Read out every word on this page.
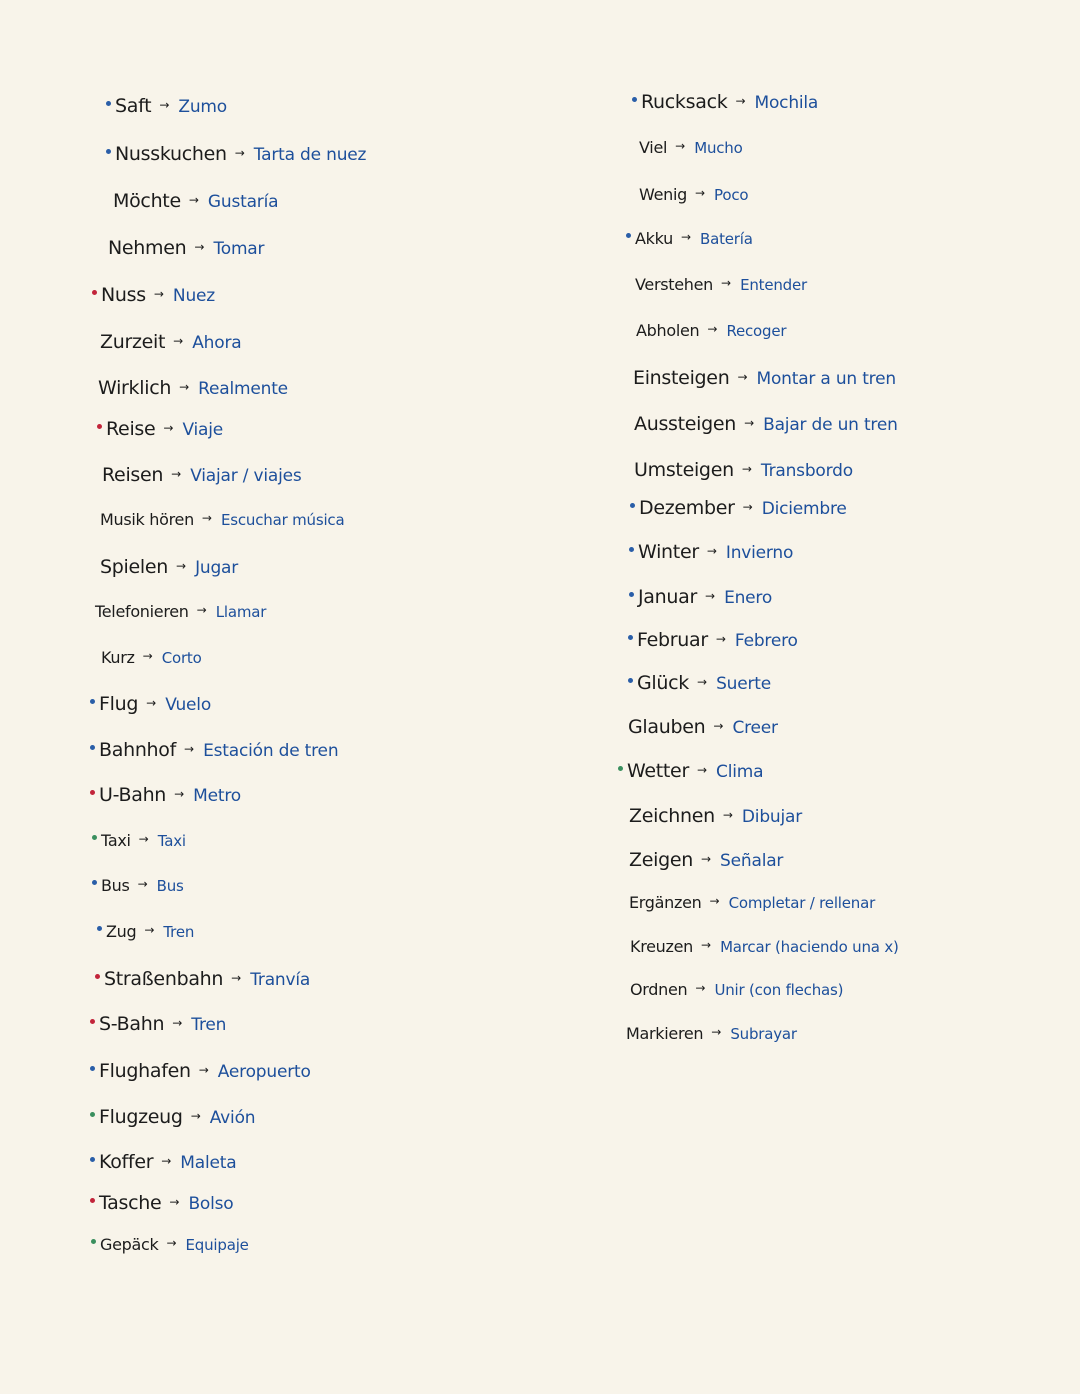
Saft → Zumo
Nusskuchen → Tarta de nuez
Möchte → Gustaría
Nehmen → Tomar
Nuss → Nuez
Zurzeit → Ahora
Wirklich → Realmente
Reise → Viaje
Reisen → Viajar / viajes
Musik hören → Escuchar música
Spielen → Jugar
Telefonieren → Llamar
Kurz → Corto
Flug → Vuelo
Bahnhof → Estación de tren
U-Bahn → Metro
Taxi → Taxi
Bus → Bus
Zug → Tren
Straßenbahn → Tranvía
S-Bahn → Tren
Flughafen → Aeropuerto
Flugzeug → Avión
Koffer → Maleta
Tasche → Bolso
Gepäck → Equipaje
Rucksack → Mochila
Viel → Mucho
Wenig → Poco
Akku → Batería
Verstehen → Entender
Abholen → Recoger
Einsteigen → Montar a un tren
Aussteigen → Bajar de un tren
Umsteigen → Transbordo
Dezember → Diciembre
Winter → Invierno
Januar → Enero
Februar → Febrero
Glück → Suerte
Glauben → Creer
Wetter → Clima
Zeichnen → Dibujar
Zeigen → Señalar
Ergänzen → Completar / rellenar
Kreuzen → Marcar (haciendo una x)
Ordnen → Unir (con flechas)
Markieren → Subrayar
